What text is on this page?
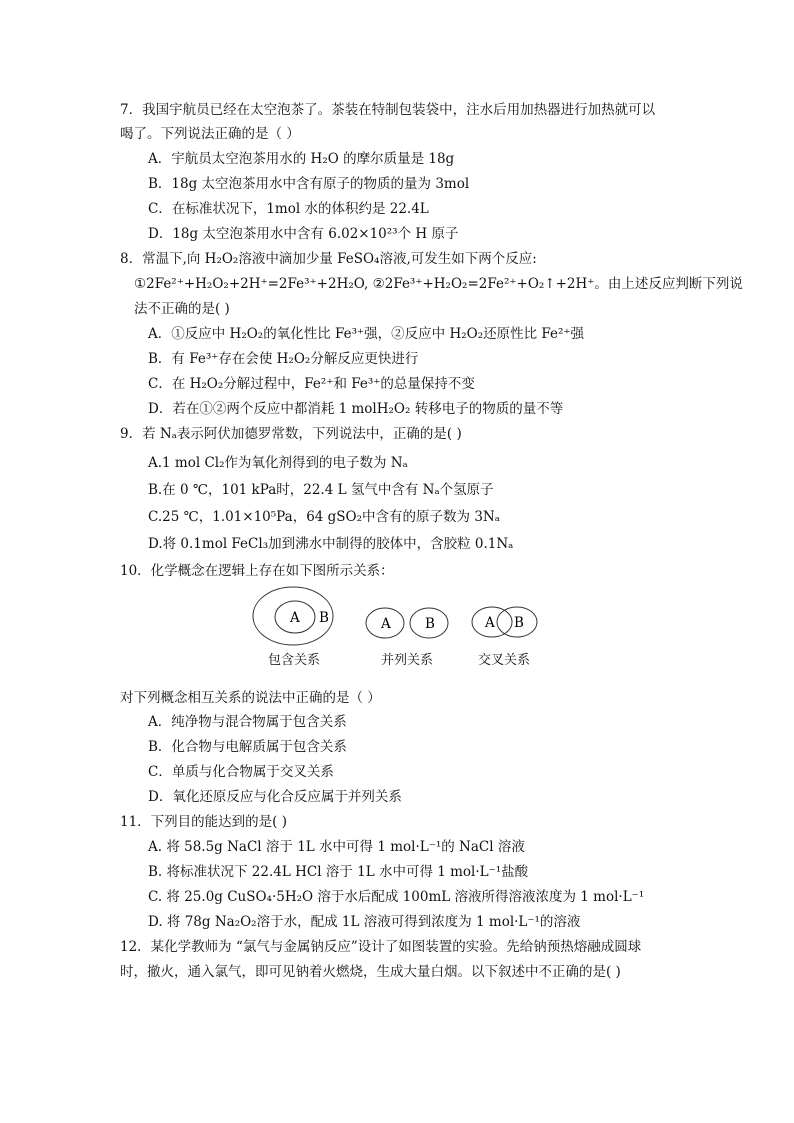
7．我国宇航员已经在太空泡茶了。茶装在特制包装袋中，注水后用加热器进行加热就可以
喝了。下列说法正确的是（ ）
A．宇航员太空泡茶用水的 H₂O 的摩尔质量是 18g
B．18g 太空泡茶用水中含有原子的物质的量为 3mol
C．在标准状况下，1mol 水的体积约是 22.4L
D．18g 太空泡茶用水中含有 6.02×10²³个 H 原子
8．常温下,向 H₂O₂溶液中滴加少量 FeSO₄溶液,可发生如下两个反应:
①2Fe²⁺+H₂O₂+2H⁺=2Fe³⁺+2H₂O, ②2Fe³⁺+H₂O₂=2Fe²⁺+O₂↑+2H⁺。由上述反应判断下列说
法不正确的是( )
A．①反应中 H₂O₂的氧化性比 Fe³⁺强，②反应中 H₂O₂还原性比 Fe²⁺强
B．有 Fe³⁺存在会使 H₂O₂分解反应更快进行
C．在 H₂O₂分解过程中，Fe²⁺和 Fe³⁺的总量保持不变
D．若在①②两个反应中都消耗 1 molH₂O₂ 转移电子的物质的量不等
9．若 Nₐ表示阿伏加德罗常数，下列说法中，正确的是( )
A.1 mol Cl₂作为氧化剂得到的电子数为 Nₐ
B.在 0 ℃，101 kPa时，22.4 L 氢气中含有 Nₐ个氢原子
C.25 ℃，1.01×10⁵Pa，64 gSO₂中含有的原子数为 3Nₐ
D.将 0.1mol FeCl₃加到沸水中制得的胶体中，含胶粒 0.1Nₐ
10．化学概念在逻辑上存在如下图所示关系：
A B	A	B	A B
包含关系	并列关系	交叉关系
对下列概念相互关系的说法中正确的是（ ）
A．纯净物与混合物属于包含关系
B．化合物与电解质属于包含关系
C．单质与化合物属于交叉关系
D．氧化还原反应与化合反应属于并列关系
11．下列目的能达到的是( )
A. 将 58.5g NaCl 溶于 1L 水中可得 1 mol·L⁻¹的 NaCl 溶液
B. 将标准状况下 22.4L HCl 溶于 1L 水中可得 1 mol·L⁻¹盐酸
C. 将 25.0g CuSO₄·5H₂O 溶于水后配成 100mL 溶液所得溶液浓度为 1 mol·L⁻¹
D. 将 78g Na₂O₂溶于水，配成 1L 溶液可得到浓度为 1 mol·L⁻¹的溶液
12．某化学教师为 “氯气与金属钠反应”设计了如图装置的实验。先给钠预热熔融成圆球
时，撤火，通入氯气，即可见钠着火燃烧，生成大量白烟。以下叙述中不正确的是( )
